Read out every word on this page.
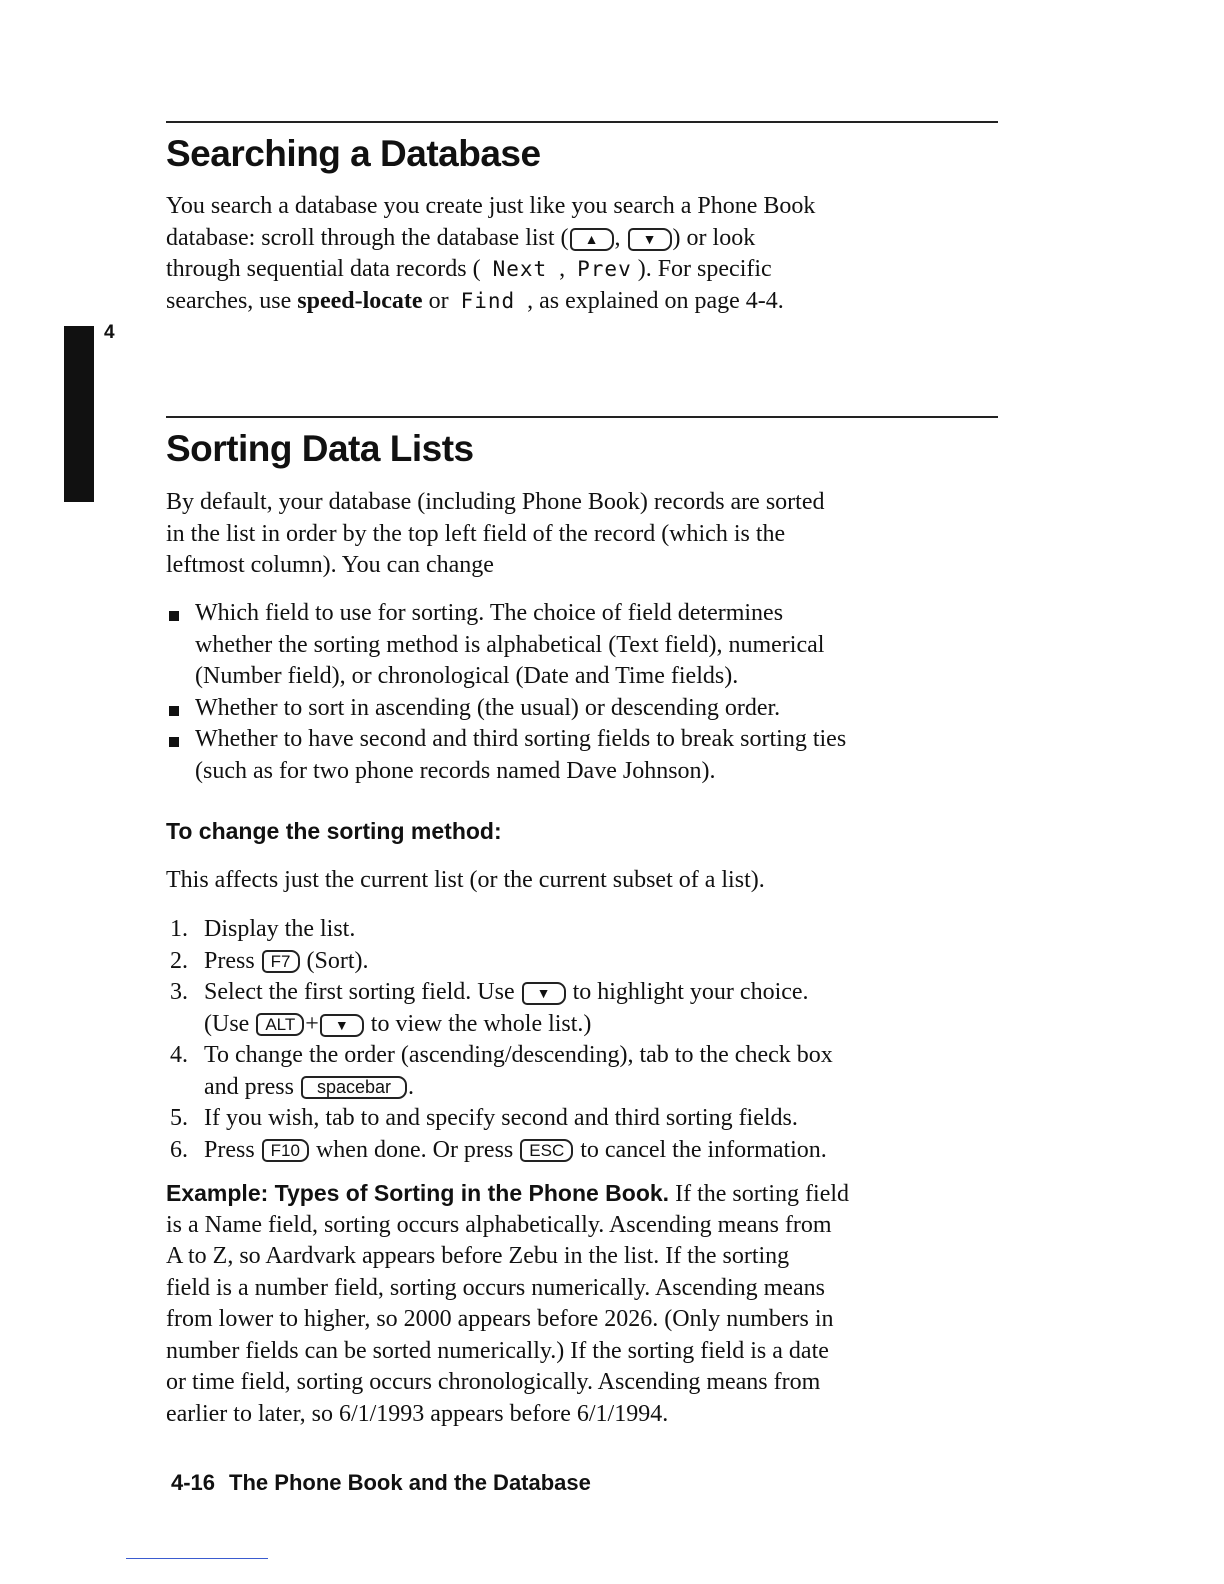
4
Searching a Database
You search a database you create just like you search a Phone Book
database: scroll through the database list ( ▲ , ▼ ) or look
through sequential data records ( Next , Prev ). For specific
searches, use speed-locate or Find , as explained on page 4-4.
Sorting Data Lists
By default, your database (including Phone Book) records are sorted
in the list in order by the top left field of the record (which is the
leftmost column). You can change
Which field to use for sorting. The choice of field determines
whether the sorting method is alphabetical (Text field), numerical
(Number field), or chronological (Date and Time fields).
Whether to sort in ascending (the usual) or descending order.
Whether to have second and third sorting fields to break sorting ties
(such as for two phone records named Dave Johnson).
To change the sorting method:
This affects just the current list (or the current subset of a list).
1. Display the list.
2. Press F7 (Sort).
3. Select the first sorting field. Use ▼ to highlight your choice.
(Use ALT + ▼ to view the whole list.)
4. To change the order (ascending/descending), tab to the check box
and press spacebar .
5. If you wish, tab to and specify second and third sorting fields.
6. Press F10 when done. Or press ESC to cancel the information.
Example: Types of Sorting in the Phone Book. If the sorting field
is a Name field, sorting occurs alphabetically. Ascending means from
A to Z, so Aardvark appears before Zebu in the list. If the sorting
field is a number field, sorting occurs numerically. Ascending means
from lower to higher, so 2000 appears before 2026. (Only numbers in
number fields can be sorted numerically.) If the sorting field is a date
or time field, sorting occurs chronologically. Ascending means from
earlier to later, so 6/1/1993 appears before 6/1/1994.
4-16 The Phone Book and the Database
